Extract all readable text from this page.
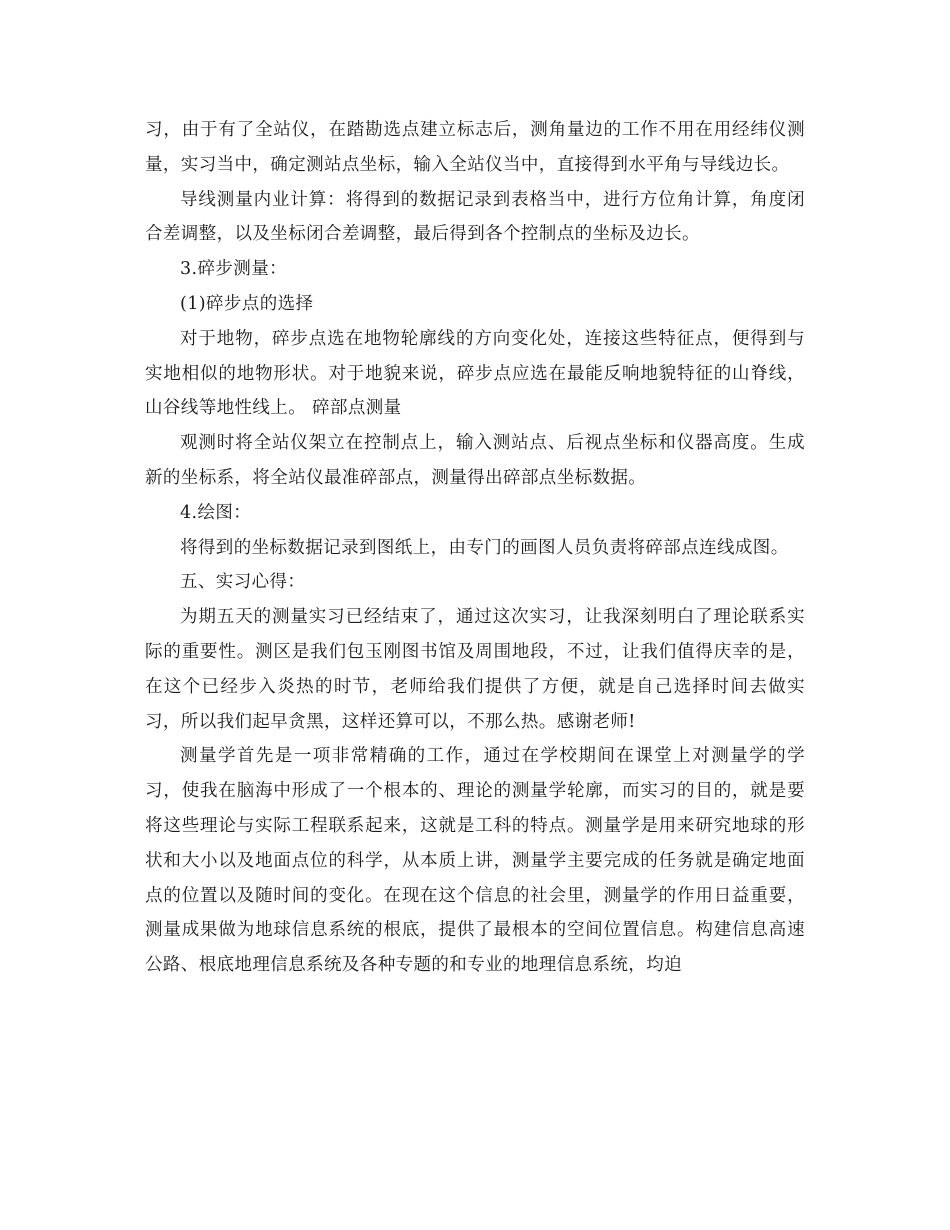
习，由于有了全站仪，在踏勘选点建立标志后，测角量边的工作不用在用经纬仪测量，实习当中，确定测站点坐标，输入全站仪当中，直接得到水平角与导线边长。

导线测量内业计算：将得到的数据记录到表格当中，进行方位角计算，角度闭合差调整，以及坐标闭合差调整，最后得到各个控制点的坐标及边长。

3.碎步测量：

(1)碎步点的选择

对于地物，碎步点选在地物轮廓线的方向变化处，连接这些特征点，便得到与实地相似的地物形状。对于地貌来说，碎步点应选在最能反响地貌特征的山脊线，山谷线等地性线上。 碎部点测量

观测时将全站仪架立在控制点上，输入测站点、后视点坐标和仪器高度。生成新的坐标系，将全站仪最准碎部点，测量得出碎部点坐标数据。

4.绘图：

将得到的坐标数据记录到图纸上，由专门的画图人员负责将碎部点连线成图。

五、实习心得：

为期五天的测量实习已经结束了，通过这次实习，让我深刻明白了理论联系实际的重要性。测区是我们包玉刚图书馆及周围地段，不过，让我们值得庆幸的是，在这个已经步入炎热的时节，老师给我们提供了方便，就是自己选择时间去做实习，所以我们起早贪黑，这样还算可以，不那么热。感谢老师!

测量学首先是一项非常精确的工作，通过在学校期间在课堂上对测量学的学习，使我在脑海中形成了一个根本的、理论的测量学轮廓，而实习的目的，就是要将这些理论与实际工程联系起来，这就是工科的特点。测量学是用来研究地球的形状和大小以及地面点位的科学，从本质上讲，测量学主要完成的任务就是确定地面点的位置以及随时间的变化。在现在这个信息的社会里，测量学的作用日益重要，测量成果做为地球信息系统的根底，提供了最根本的空间位置信息。构建信息高速公路、根底地理信息系统及各种专题的和专业的地理信息系统，均迫
